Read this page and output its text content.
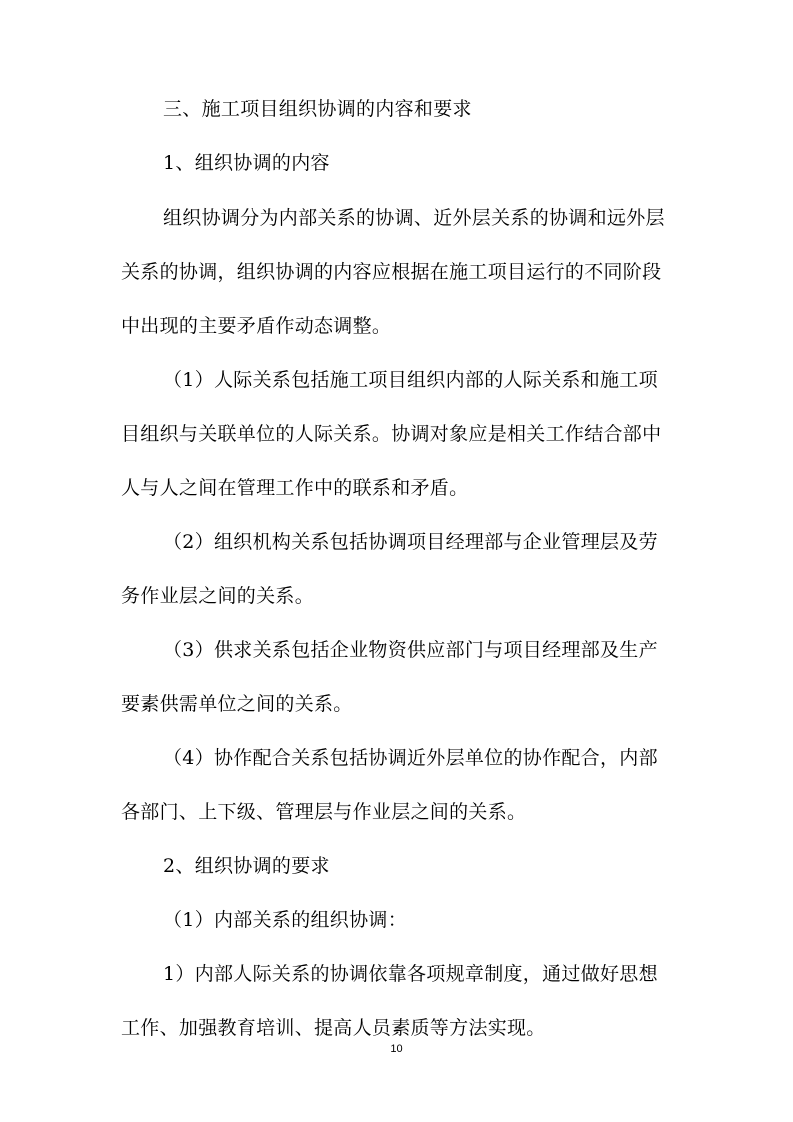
三、施工项目组织协调的内容和要求
1、组织协调的内容
组织协调分为内部关系的协调、近外层关系的协调和远外层
关系的协调，组织协调的内容应根据在施工项目运行的不同阶段
中出现的主要矛盾作动态调整。
（1）人际关系包括施工项目组织内部的人际关系和施工项
目组织与关联单位的人际关系。协调对象应是相关工作结合部中
人与人之间在管理工作中的联系和矛盾。
（2）组织机构关系包括协调项目经理部与企业管理层及劳
务作业层之间的关系。
（3）供求关系包括企业物资供应部门与项目经理部及生产
要素供需单位之间的关系。
（4）协作配合关系包括协调近外层单位的协作配合，内部
各部门、上下级、管理层与作业层之间的关系。
2、组织协调的要求
（1）内部关系的组织协调：
1）内部人际关系的协调依靠各项规章制度，通过做好思想
工作、加强教育培训、提高人员素质等方法实现。
10
